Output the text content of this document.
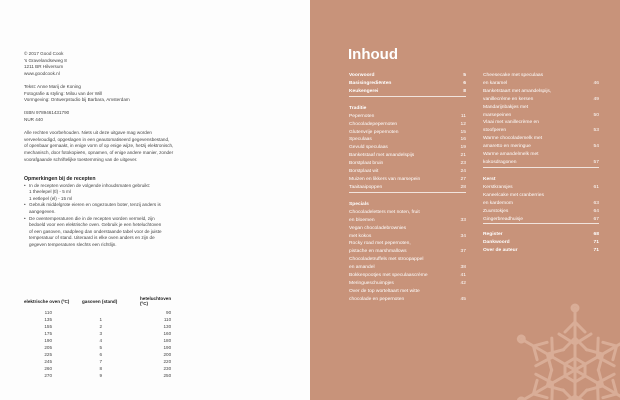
© 2017 Good Cook
's Gravelandseweg 8
1211 BR Hilversum
www.goodcook.nl

Tekst: Anne Marij de Koning
Fotografie & styling: Milou van der Will
Vormgeving: Ontwerpstudio bij Barbara, Amsterdam

ISBN 9789461431790
NUR 440

Alle rechten voorbehouden. Niets uit deze uitgave mag worden
verveelvoudigd, opgeslagen in een geautomatiseerd gegevensbestand,
of openbaar gemaakt, in enige vorm of op enige wijze, hetzij elektronisch,
mechanisch, door fotokopieën, opnamen, of enige andere manier, zonder
voorafgaande schriftelijke toestemming van de uitgever.
Opmerkingen bij de recepten
• In de recepten worden de volgende inhoudsmaten gebruikt:
1 theelepel (tl) - 5 ml
1 eetlepel (el) - 15 ml
• Gebruik middelgrote eieren en ongezouten boter, tenzij anders is
aangegeven.
• De oventemperaturen die in de recepten worden vermeld, zijn
bedoeld voor een elektrische oven. Gebruik je een heteluchtoven
of een gasoven, raadpleeg dan onderstaande tabel voor de juiste
temperatuur of stand. Uiteraard is elke oven anders en zijn de
gegeven temperaturen slechts een richtlijn.
elektrische oven (ºC)	gasoven (stand)	heteluchtoven (ºC)
110		90
135	1	110
155	2	130
175	3	160
190	4	180
205	5	190
225	6	200
245	7	220
260	8	230
270	9	250
Inhoud
Voorwoord	5
Basisingrediënten	6
Keukengerei	8
Traditie
Pepernoten	11
Chocoladepepernoten	12
Glutenvrije pepernoten	15
Speculaas	16
Gevuld speculaas	19
Banketstaaf met amandelspijs	21
Borstplaat bruin	23
Borstplaat wit	24
Muizen en likkers van marsepein	27
Taaitaaipoppen	28
Specials
Chocoladeletters met noten, fruit
en bloemen	33
Vegan chocoladebrownies
met kokos	34
Rocky road met pepernoten,
pistache en marshmallows	37
Chocoladetruffels met stroopappel
en amandel	38
Bokkenpootjes met speculaascrème	41
Meringueschuimpjes	42
Over de top worteltaart met witte
chocolade en pepernoten	45
Cheesecake met speculaas
en karamel	46
Banketstaart met amandelspijs,
vanillecrème en kersen	49
Mandarijnbakjes met
marsepeinen	50
Vlaai met vanillecrème en
stoofperen	53
Warme chocolademelk met
amaretto en meringue	54
Warme amandelmelk met
kokosdragonen	57
Kerst
Kerstkransjes	61
Kaneelcake met cranberries
en kardemom	63
Zuurstokjes	64
Gingerbreadhuisje	67
Register	68
Dankwoord	71
Over de auteur	71
